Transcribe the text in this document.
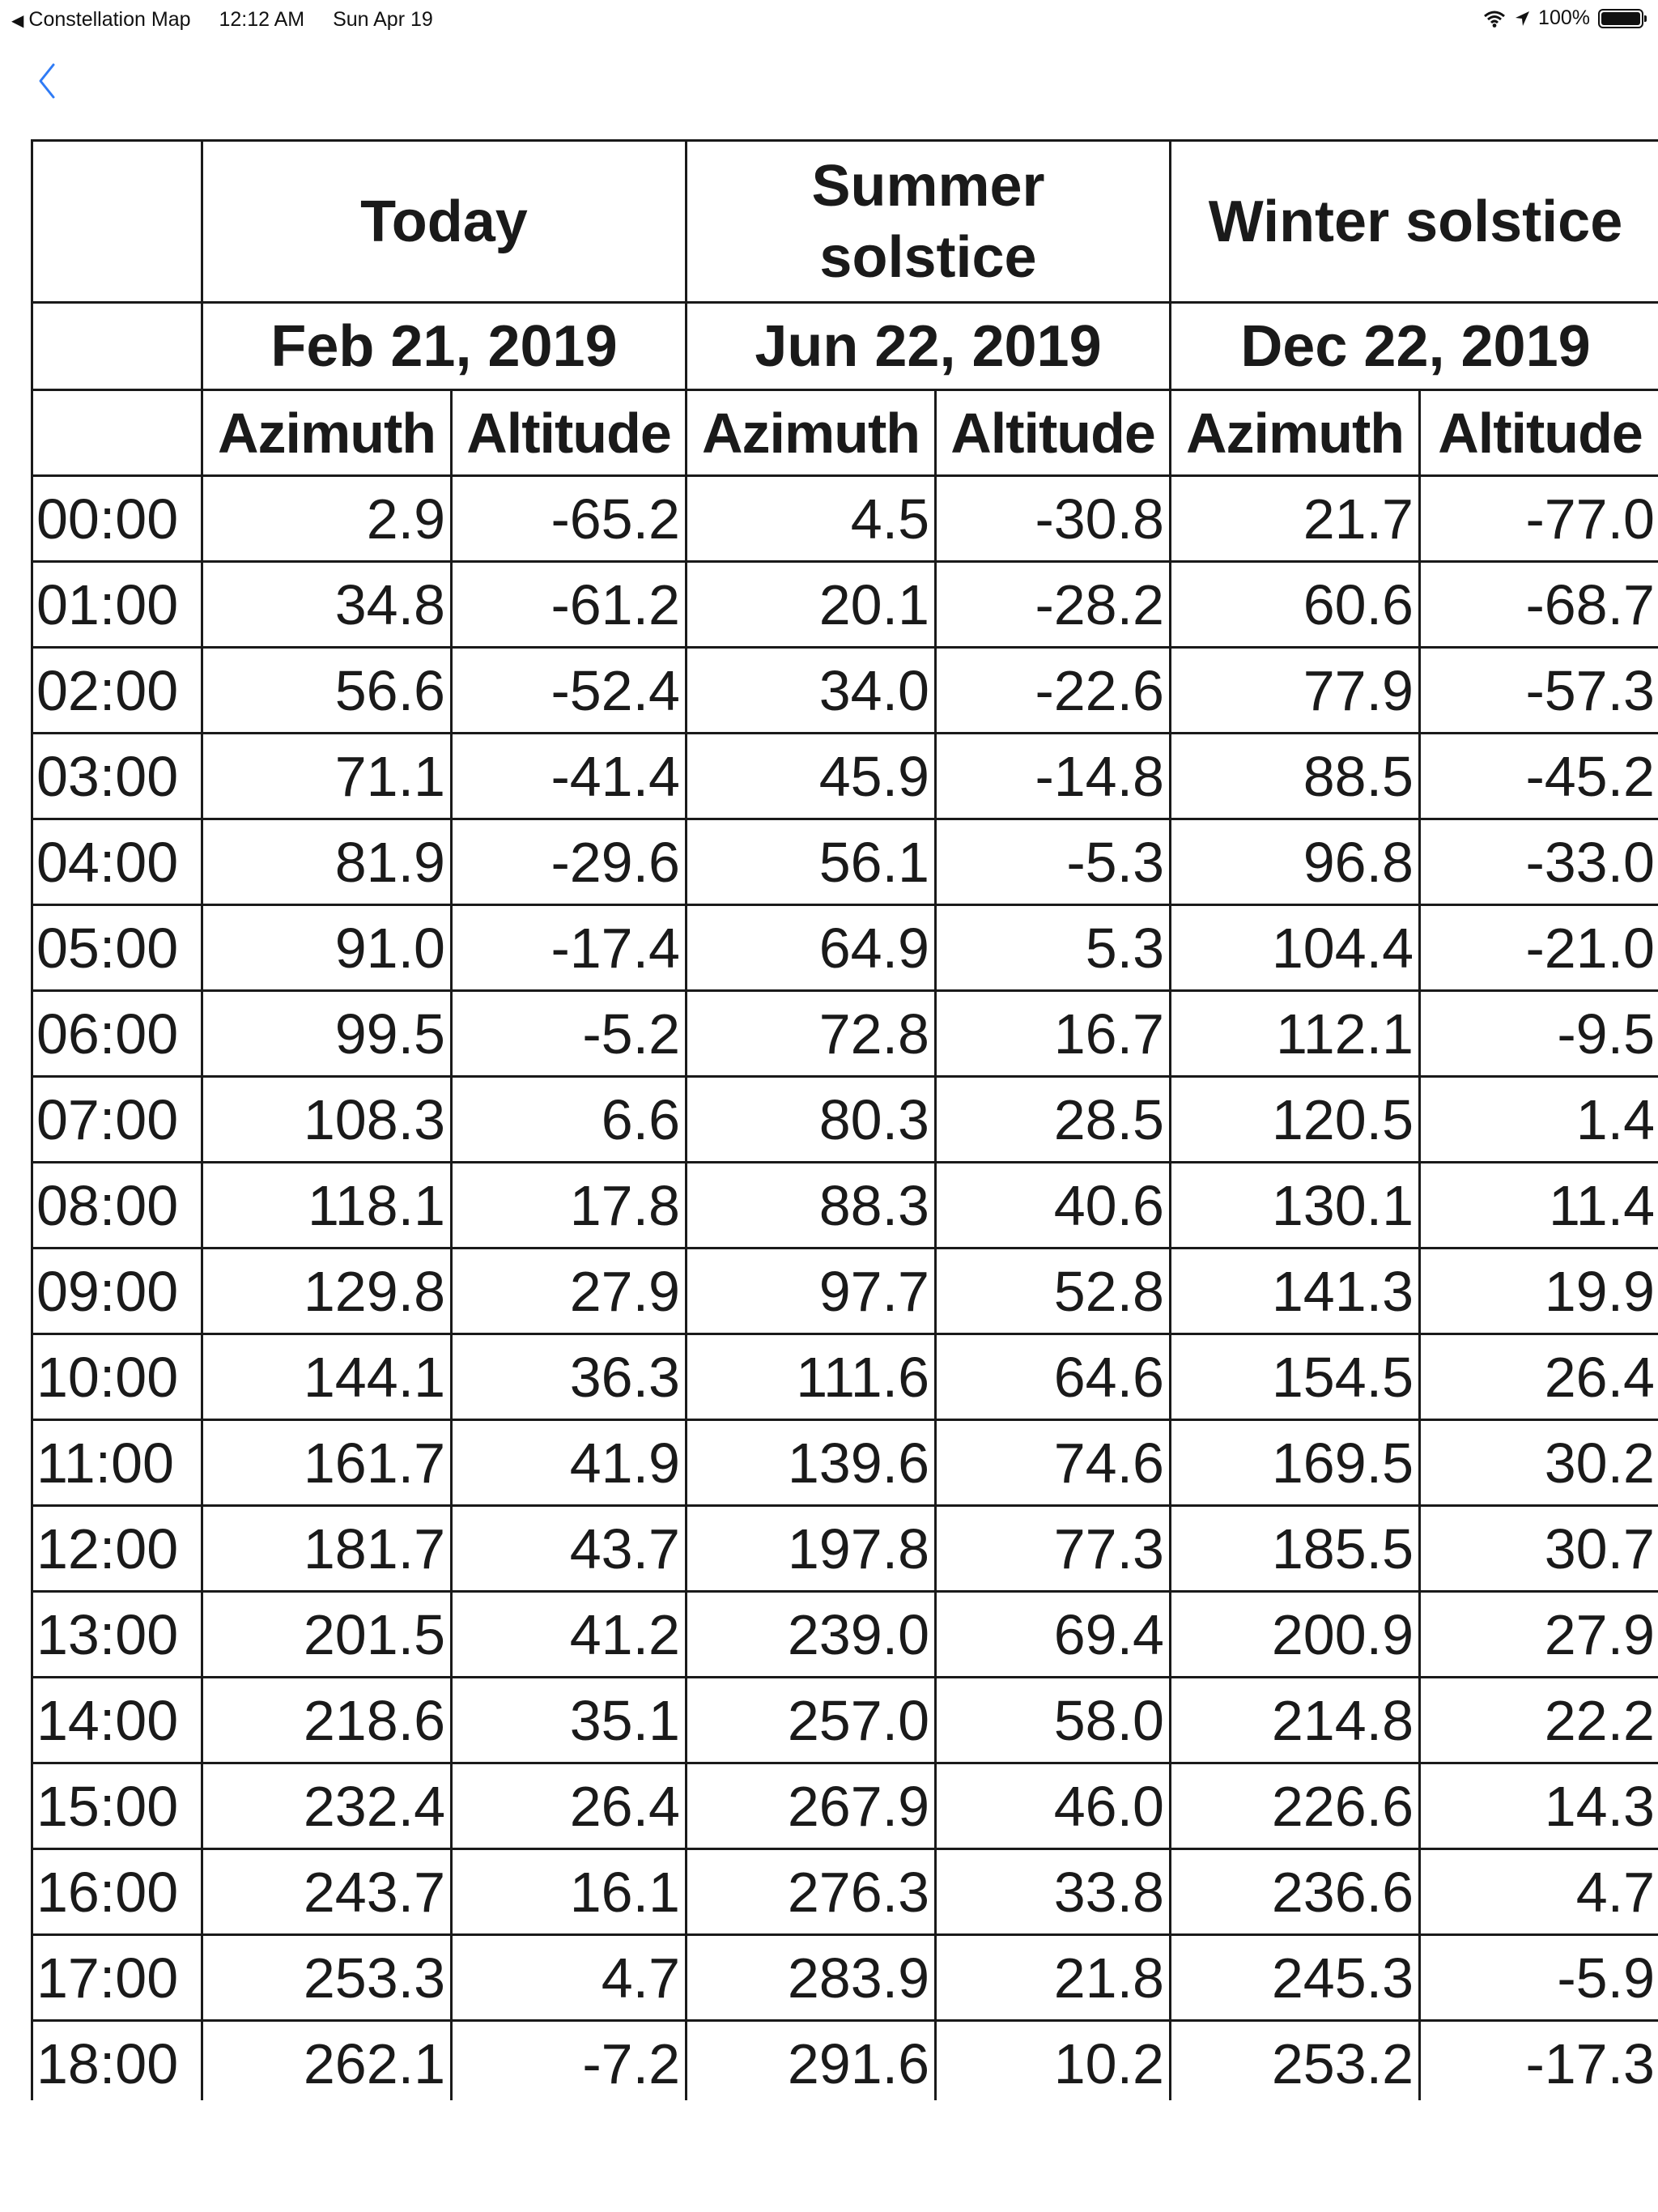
◀ Constellation Map 12:12 AM Sun Apr 19	100%
	Today		Summer solstice		Winter solstice	
	Feb 21, 2019		Jun 22, 2019		Dec 22, 2019	
	Azimuth	Altitude	Azimuth	Altitude	Azimuth	Altitude
00:00	2.9	-65.2	4.5	-30.8	21.7	-77.0
01:00	34.8	-61.2	20.1	-28.2	60.6	-68.7
02:00	56.6	-52.4	34.0	-22.6	77.9	-57.3
03:00	71.1	-41.4	45.9	-14.8	88.5	-45.2
04:00	81.9	-29.6	56.1	-5.3	96.8	-33.0
05:00	91.0	-17.4	64.9	5.3	104.4	-21.0
06:00	99.5	-5.2	72.8	16.7	112.1	-9.5
07:00	108.3	6.6	80.3	28.5	120.5	1.4
08:00	118.1	17.8	88.3	40.6	130.1	11.4
09:00	129.8	27.9	97.7	52.8	141.3	19.9
10:00	144.1	36.3	111.6	64.6	154.5	26.4
11:00	161.7	41.9	139.6	74.6	169.5	30.2
12:00	181.7	43.7	197.8	77.3	185.5	30.7
13:00	201.5	41.2	239.0	69.4	200.9	27.9
14:00	218.6	35.1	257.0	58.0	214.8	22.2
15:00	232.4	26.4	267.9	46.0	226.6	14.3
16:00	243.7	16.1	276.3	33.8	236.6	4.7
17:00	253.3	4.7	283.9	21.8	245.3	-5.9
18:00	262.1	-7.2	291.6	10.2	253.2	-17.3
